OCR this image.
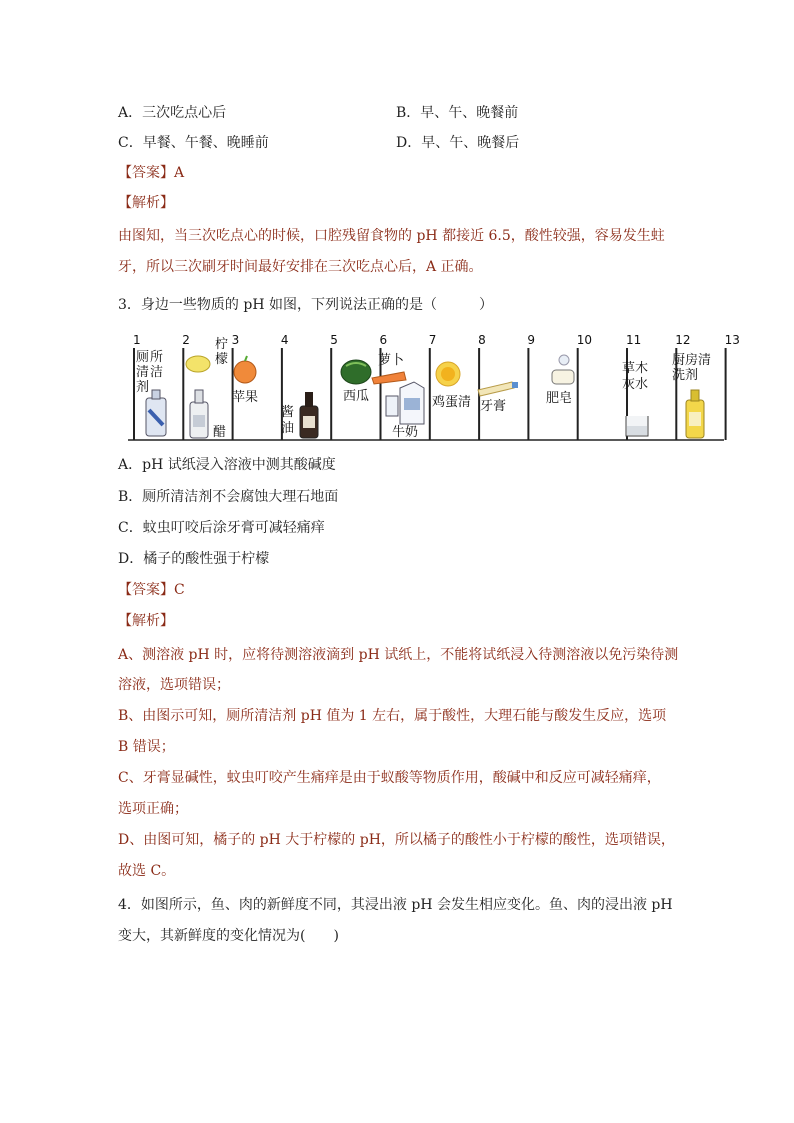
A．三次吃点心后	B．早、午、晚餐前
C．早餐、午餐、晚睡前	D．早、午、晚餐后
【答案】A
【解析】
由图知，当三次吃点心的时候，口腔残留食物的 pH 都接近 6.5，酸性较强，容易发生蛀
牙，所以三次刷牙时间最好安排在三次吃点心后，A 正确。
3．身边一些物质的 pH 如图，下列说法正确的是（　　　）
1	2	3	4	5	6	7	8	9	10	11	12	13
厕 所
清 洁
剂
柠
檬
醋
苹果
酱
油
西瓜
萝卜
牛奶
鸡蛋清 牙膏
肥皂
草木
灰水
厨房清
洗剂
A．pH 试纸浸入溶液中测其酸碱度
B．厕所清洁剂不会腐蚀大理石地面
C．蚊虫叮咬后涂牙膏可减轻痛痒
D．橘子的酸性强于柠檬
【答案】C
【解析】
A、测溶液 pH 时，应将待测溶液滴到 pH 试纸上，不能将试纸浸入待测溶液以免污染待测
溶液，选项错误；
B、由图示可知，厕所清洁剂 pH 值为 1 左右，属于酸性，大理石能与酸发生反应，选项
B 错误；
C、牙膏显碱性，蚊虫叮咬产生痛痒是由于蚁酸等物质作用，酸碱中和反应可减轻痛痒，
选项正确；
D、由图可知，橘子的 pH 大于柠檬的 pH，所以橘子的酸性小于柠檬的酸性，选项错误，
故选 C。
4．如图所示，鱼、肉的新鲜度不同，其浸出液 pH 会发生相应变化。鱼、肉的浸出液 pH
变大，其新鲜度的变化情况为(　　)
